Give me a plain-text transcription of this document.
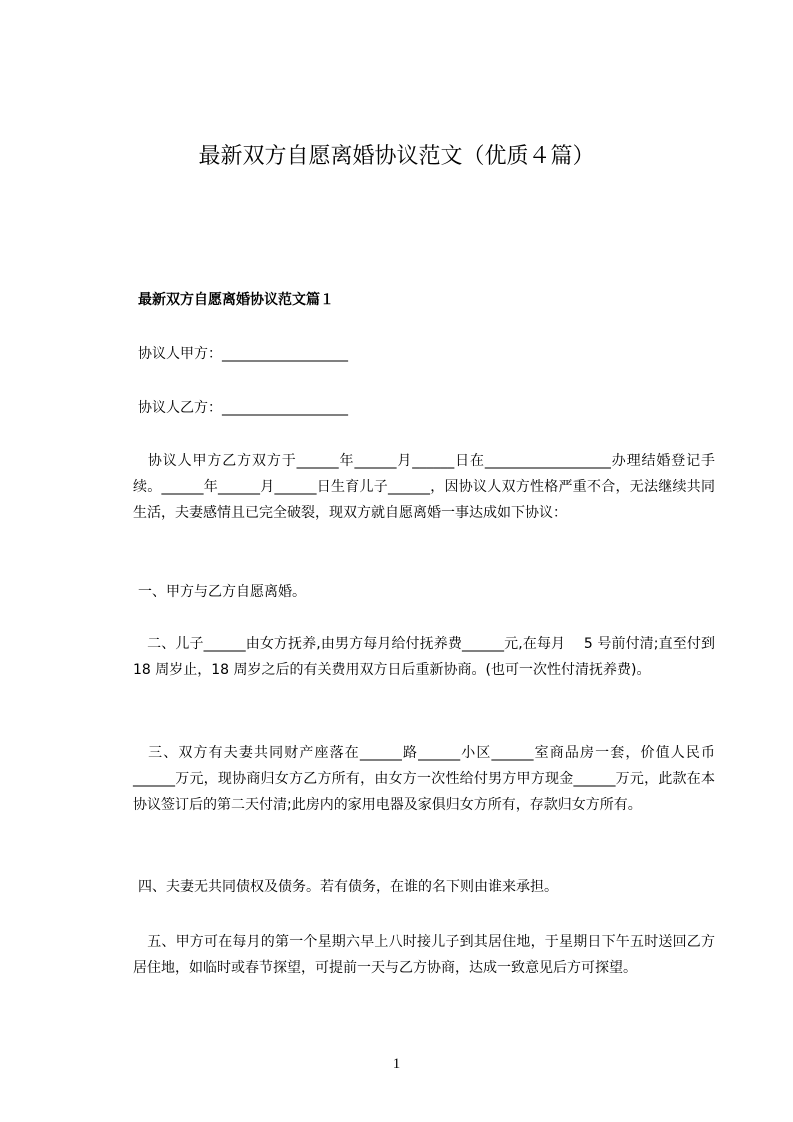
最新双方自愿离婚协议范文（优质４篇）
最新双方自愿离婚协议范文篇１

协议人甲方：__________________

协议人乙方：__________________

　协议人甲方乙方双方于______年______月______日在__________________办理结婚登记手续。______年______月______日生育儿子______，因协议人双方性格严重不合，无法继续共同生活，夫妻感情且已完全破裂，现双方就自愿离婚一事达成如下协议：

一、甲方与乙方自愿离婚。

　二、儿子______由女方抚养,由男方每月给付抚养费______元,在每月　 5 号前付清;直至付到 18 周岁止，18 周岁之后的有关费用双方日后重新协商。(也可一次性付清抚养费)。

　三、双方有夫妻共同财产座落在______路______小区______室商品房一套，价值人民币______万元，现协商归女方乙方所有，由女方一次性给付男方甲方现金______万元，此款在本协议签订后的第二天付清;此房内的家用电器及家俱归女方所有，存款归女方所有。

四、夫妻无共同债权及债务。若有债务，在谁的名下则由谁来承担。

　五、甲方可在每月的第一个星期六早上八时接儿子到其居住地，于星期日下午五时送回乙方居住地，如临时或春节探望，可提前一天与乙方协商，达成一致意见后方可探望。

1
